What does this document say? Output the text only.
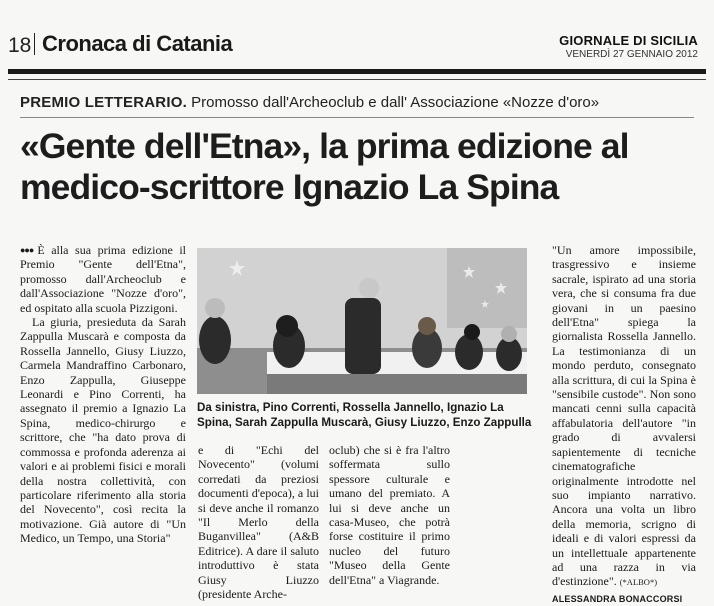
18 Cronaca di Catania	GIORNALE DI SICILIA
VENERDÌ 27 GENNAIO 2012
PREMIO LETTERARIO. Promosso dall'Archeoclub e dall' Associazione «Nozze d'oro»
«Gente dell'Etna», la prima edizione al medico-scrittore Ignazio La Spina

●●● È alla sua prima edizione il Premio "Gente dell'Etna", promosso dall'Archeoclub e dall'Associazione "Nozze d'oro", ed ospitato alla scuola Pizzigoni.

La giuria, presieduta da Sarah Zappulla Muscarà e composta da Rossella Jannello, Giusy Liuzzo, Carmela Mandraffino Carbonaro, Enzo Zappulla, Giuseppe Leonardi e Pino Correnti, ha assegnato il premio a Ignazio La Spina, medico-chirurgo e scrittore, che "ha dato prova di commossa e profonda aderenza ai valori e ai problemi fisici e morali della nostra collettività, con particolare riferimento alla storia del Novecento", così recita la motivazione. Già autore di "Un Medico, un Tempo, una Storia"

Da sinistra, Pino Correnti, Rossella Jannello, Ignazio La Spina, Sarah Zappulla Muscarà, Giusy Liuzzo, Enzo Zappulla

e di "Echi del Novecento" (volumi corredati da preziosi documenti d'epoca), a lui si deve anche il romanzo "Il Merlo della Buganvillea" (A&B Editrice). A dare il saluto introduttivo è stata Giusy Liuzzo (presidente Arche-

oclub) che si è fra l'altro soffermata sullo spessore culturale e umano del premiato. A lui si deve anche un casa-Museo, che potrà forse costituire il primo nucleo del futuro "Museo della Gente dell'Etna" a Viagrande.

"Un amore impossibile, trasgressivo e insieme sacrale, ispirato ad una storia vera, che si consuma fra due giovani in un paesino dell'Etna" spiega la giornalista Rossella Jannello. La testimonianza di un mondo perduto, consegnato alla scrittura, di cui la Spina è "sensibile custode". Non sono mancati cenni sulla capacità affabulatoria dell'autore "in grado di avvalersi sapientemente di tecniche cinematografiche originalmente introdotte nel suo impianto narrativo. Ancora una volta un libro della memoria, scrigno di ideali e di valori espressi da un intellettuale appartenente ad una razza in via d'estinzione". (*ALBO*)

ALESSANDRA BONACCORSI
